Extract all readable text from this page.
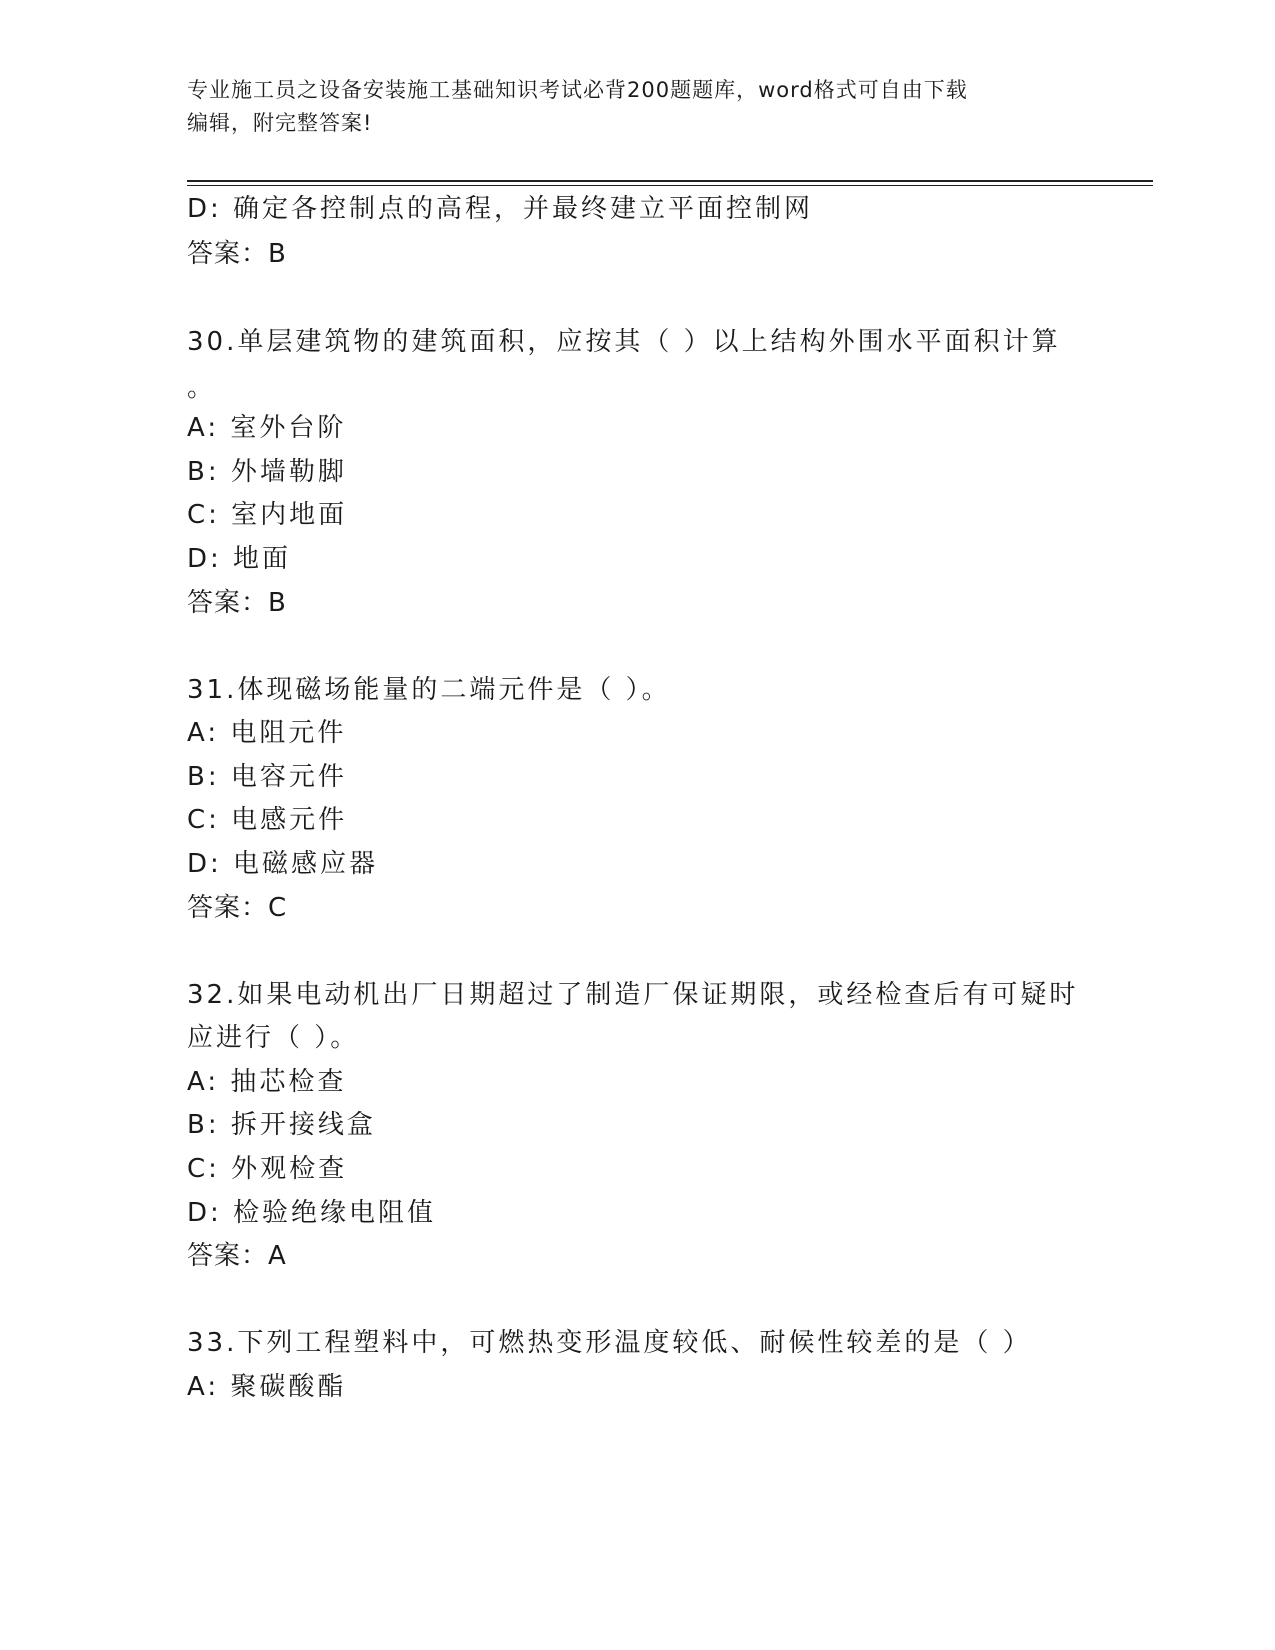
专业施工员之设备安装施工基础知识考试必背200题题库，word格式可自由下载
编辑，附完整答案!
D: 确定各控制点的高程，并最终建立平面控制网
答案：B
30.单层建筑物的建筑面积，应按其（ ）以上结构外围水平面积计算
。
A: 室外台阶
B: 外墙勒脚
C: 室内地面
D: 地面
答案：B
31.体现磁场能量的二端元件是（ ）。
A: 电阻元件
B: 电容元件
C: 电感元件
D: 电磁感应器
答案：C
32.如果电动机出厂日期超过了制造厂保证期限，或经检查后有可疑时
应进行（ ）。
A: 抽芯检查
B: 拆开接线盒
C: 外观检查
D: 检验绝缘电阻值
答案：A
33.下列工程塑料中，可燃热变形温度较低、耐候性较差的是（ ）
A: 聚碳酸酯
